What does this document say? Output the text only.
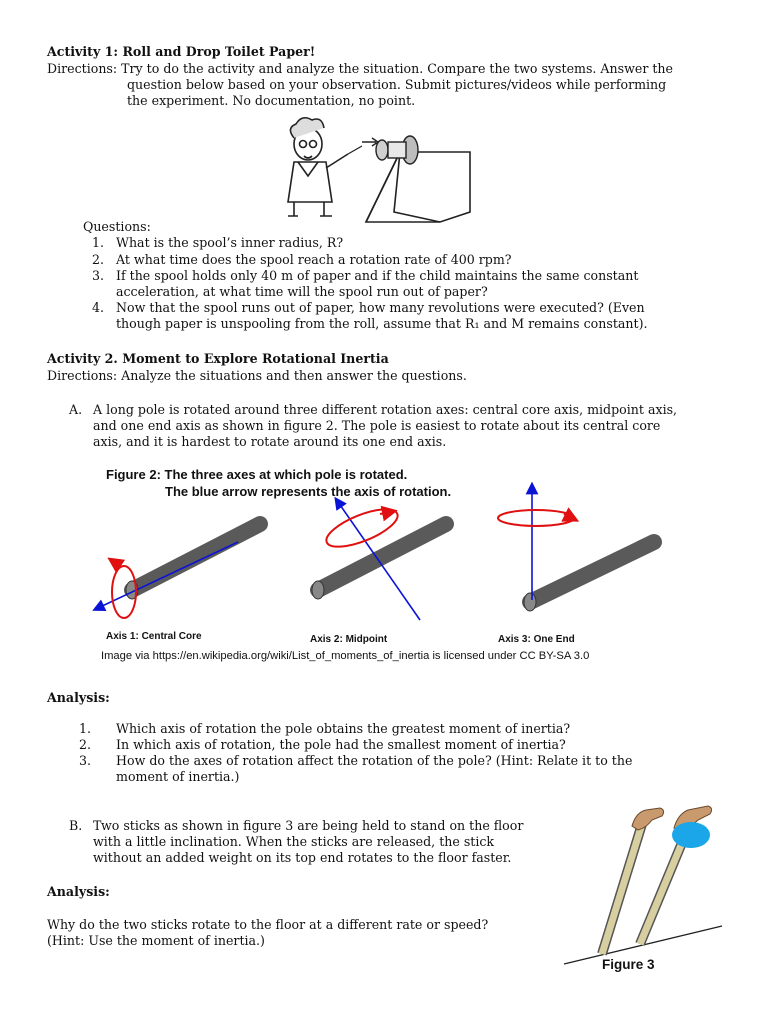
Activity 1: Roll and Drop Toilet Paper!
Directions: Try to do the activity and analyze the situation. Compare the two systems. Answer the
question below based on your observation. Submit pictures/videos while performing
the experiment. No documentation, no point.
Questions:
1. What is the spool’s inner radius, R?
2. At what time does the spool reach a rotation rate of 400 rpm?
3. If the spool holds only 40 m of paper and if the child maintains the same constant
acceleration, at what time will the spool run out of paper?
4. Now that the spool runs out of paper, how many revolutions were executed? (Even
though paper is unspooling from the roll, assume that R₁ and M remains constant).
Activity 2. Moment to Explore Rotational Inertia
Directions: Analyze the situations and then answer the questions.
A. A long pole is rotated around three different rotation axes: central core axis, midpoint axis,
and one end axis as shown in figure 2. The pole is easiest to rotate about its central core
axis, and it is hardest to rotate around its one end axis.
Figure 2: The three axes at which pole is rotated.
The blue arrow represents the axis of rotation.
Axis 1: Central Core	Axis 2: Midpoint	Axis 3: One End
Image via https://en.wikipedia.org/wiki/List_of_moments_of_inertia is licensed under CC BY-SA 3.0
Analysis:
1. Which axis of rotation the pole obtains the greatest moment of inertia?
2. In which axis of rotation, the pole had the smallest moment of inertia?
3. How do the axes of rotation affect the rotation of the pole? (Hint: Relate it to the
moment of inertia.)
B. Two sticks as shown in figure 3 are being held to stand on the floor
with a little inclination. When the sticks are released, the stick
without an added weight on its top end rotates to the floor faster.
Analysis:
Why do the two sticks rotate to the floor at a different rate or speed?
(Hint: Use the moment of inertia.)
Figure 3
